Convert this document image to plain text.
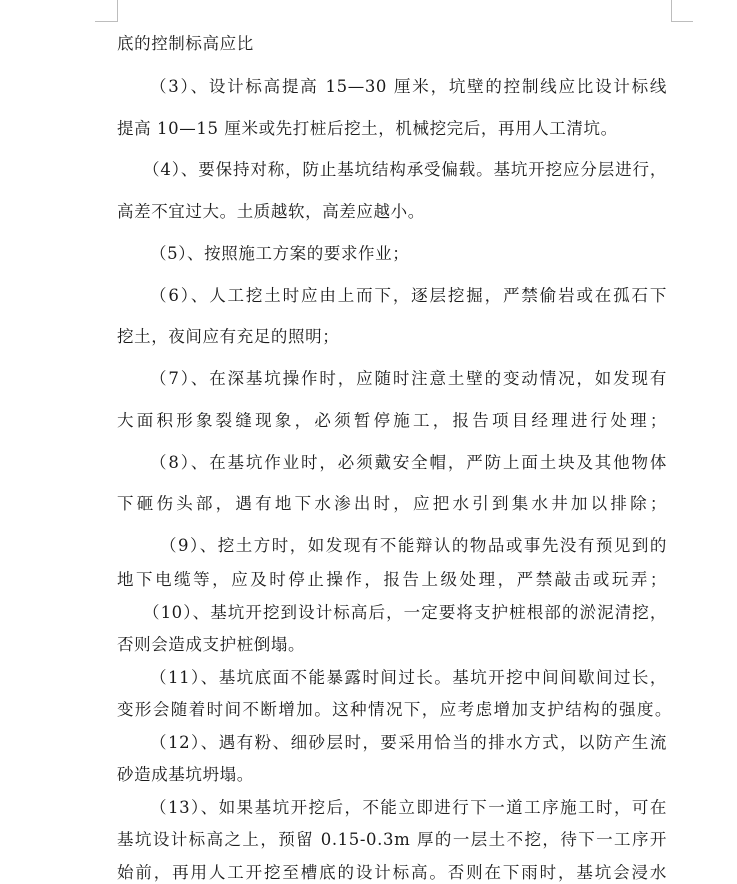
底的控制标高应比
（3）、设计标高提高 15—30 厘米，坑壁的控制线应比设计标线
提高 10—15 厘米或先打桩后挖土，机械挖完后，再用人工清坑。
（4）、要保持对称，防止基坑结构承受偏载。基坑开挖应分层进行，
高差不宜过大。土质越软，高差应越小。
（5）、按照施工方案的要求作业；
（6）、人工挖土时应由上而下，逐层挖掘，严禁偷岩或在孤石下
挖土，夜间应有充足的照明；
（7）、在深基坑操作时，应随时注意土壁的变动情况，如发现有
大面积形象裂缝现象，必须暂停施工，报告项目经理进行处理；
（8）、在基坑作业时，必须戴安全帽，严防上面土块及其他物体
下砸伤头部，遇有地下水渗出时，应把水引到集水井加以排除；
（9）、挖土方时，如发现有不能辩认的物品或事先没有预见到的
地下电缆等，应及时停止操作，报告上级处理，严禁敲击或玩弄；
（10）、基坑开挖到设计标高后，一定要将支护桩根部的淤泥清挖，
否则会造成支护桩倒塌。
（11）、基坑底面不能暴露时间过长。基坑开挖中间间歇间过长，
变形会随着时间不断增加。这种情况下，应考虑增加支护结构的强度。
（12）、遇有粉、细砂层时，要采用恰当的排水方式，以防产生流
砂造成基坑坍塌。
（13）、如果基坑开挖后，不能立即进行下一道工序施工时，可在
基坑设计标高之上，预留 0.15-0.3m 厚的一层土不挖，待下一工序开
始前，再用人工开挖至槽底的设计标高。否则在下雨时，基坑会浸水
